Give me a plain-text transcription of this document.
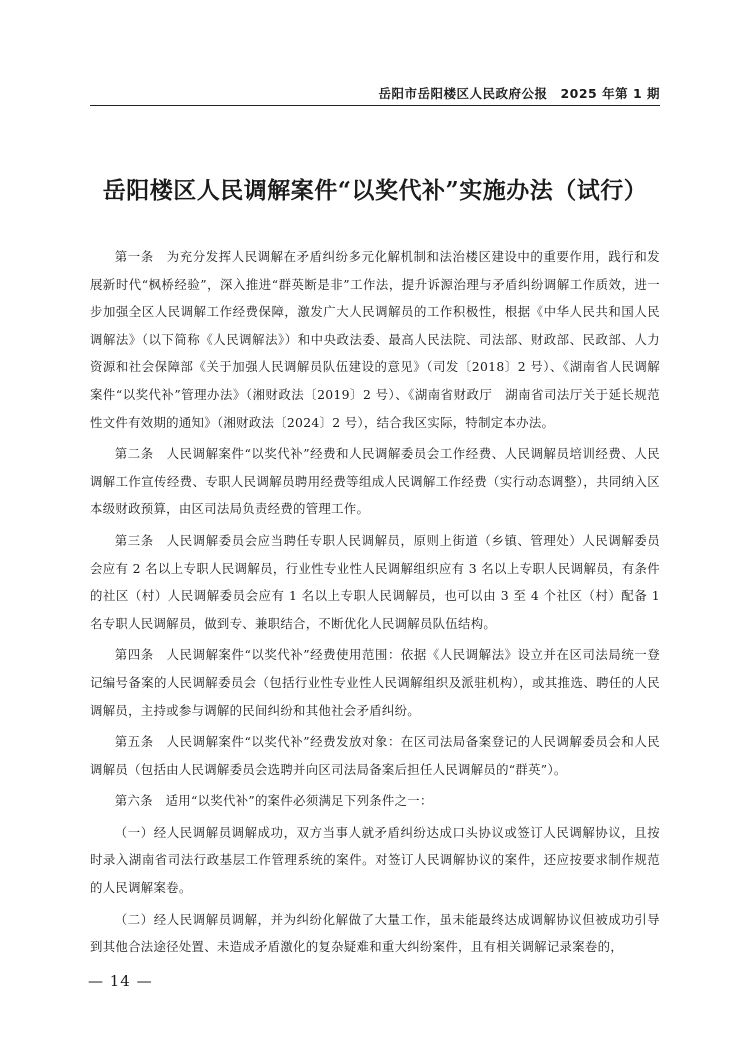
岳阳市岳阳楼区人民政府公报　2025 年第 1 期
岳阳楼区人民调解案件“以奖代补”实施办法（试行）

第一条　 为充分发挥人民调解在矛盾纠纷多元化解机制和法治楼区建设中的重要作用，践行和发展新时代“枫桥经验”，深入推进“群英断是非”工作法，提升诉源治理与矛盾纠纷调解工作质效，进一步加强全区人民调解工作经费保障，激发广大人民调解员的工作积极性，根据《中华人民共和国人民调解法》（以下简称《人民调解法》）和中央政法委、最高人民法院、司法部、财政部、民政部、人力资源和社会保障部《关于加强人民调解员队伍建设的意见》（司发〔2018〕2 号）、《湖南省人民调解案件“以奖代补”管理办法》（湘财政法〔2019〕2 号）、《湖南省财政厅　湖南省司法厅关于延长规范性文件有效期的通知》（湘财政法〔2024〕2 号），结合我区实际，特制定本办法。

第二条　 人民调解案件“以奖代补”经费和人民调解委员会工作经费、人民调解员培训经费、人民调解工作宣传经费、专职人民调解员聘用经费等组成人民调解工作经费（实行动态调整），共同纳入区本级财政预算，由区司法局负责经费的管理工作。

第三条　 人民调解委员会应当聘任专职人民调解员，原则上街道（乡镇、管理处）人民调解委员会应有 2 名以上专职人民调解员，行业性专业性人民调解组织应有 3 名以上专职人民调解员，有条件的社区（村）人民调解委员会应有 1 名以上专职人民调解员，也可以由 3 至 4 个社区（村）配备 1 名专职人民调解员，做到专、兼职结合，不断优化人民调解员队伍结构。

第四条　 人民调解案件“以奖代补”经费使用范围：依据《人民调解法》设立并在区司法局统一登记编号备案的人民调解委员会（包括行业性专业性人民调解组织及派驻机构），或其推选、聘任的人民调解员，主持或参与调解的民间纠纷和其他社会矛盾纠纷。

第五条　 人民调解案件“以奖代补”经费发放对象：在区司法局备案登记的人民调解委员会和人民调解员（包括由人民调解委员会选聘并向区司法局备案后担任人民调解员的“群英”）。

第六条　 适用“以奖代补”的案件必须满足下列条件之一：

（一）经人民调解员调解成功，双方当事人就矛盾纠纷达成口头协议或签订人民调解协议，且按时录入湖南省司法行政基层工作管理系统的案件。对签订人民调解协议的案件，还应按要求制作规范的人民调解案卷。

（二）经人民调解员调解，并为纠纷化解做了大量工作，虽未能最终达成调解协议但被成功引导到其他合法途径处置、未造成矛盾激化的复杂疑难和重大纠纷案件，且有相关调解记录案卷的，

— 14 —
